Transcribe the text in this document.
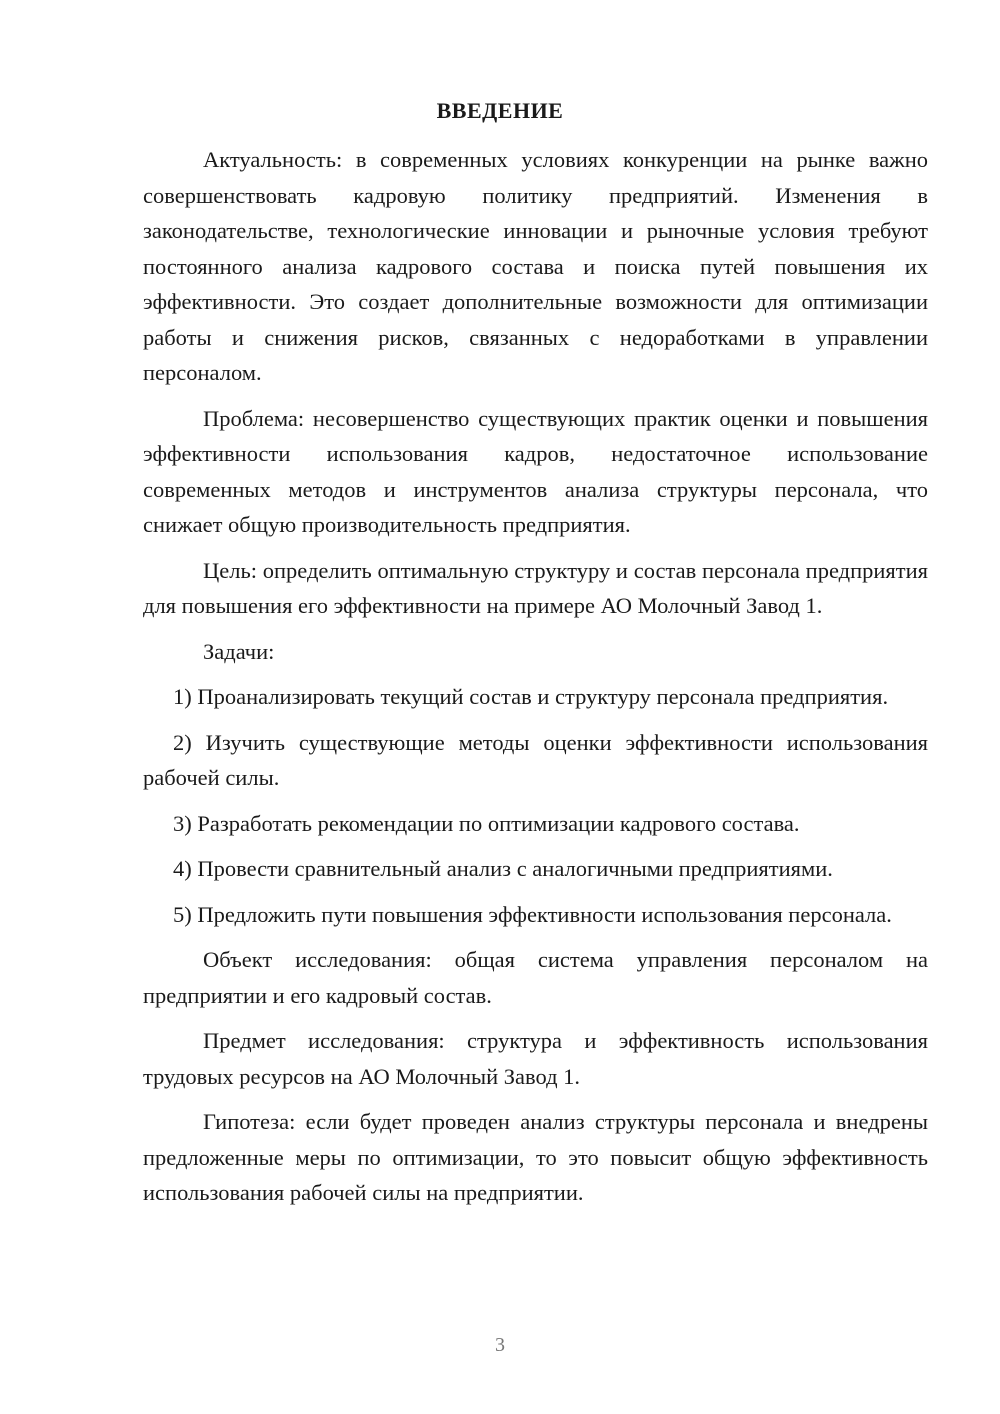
ВВЕДЕНИЕ

Актуальность: в современных условиях конкуренции на рынке важно совершенствовать кадровую политику предприятий. Изменения в законодательстве, технологические инновации и рыночные условия требуют постоянного анализа кадрового состава и поиска путей повышения их эффективности. Это создает дополнительные возможности для оптимизации работы и снижения рисков, связанных с недоработками в управлении персоналом.

Проблема: несовершенство существующих практик оценки и повышения эффективности использования кадров, недостаточное использование современных методов и инструментов анализа структуры персонала, что снижает общую производительность предприятия.

Цель: определить оптимальную структуру и состав персонала предприятия для повышения его эффективности на примере АО Молочный Завод 1.

Задачи:

1) Проанализировать текущий состав и структуру персонала предприятия.

2) Изучить существующие методы оценки эффективности использования рабочей силы.

3) Разработать рекомендации по оптимизации кадрового состава.

4) Провести сравнительный анализ с аналогичными предприятиями.

5) Предложить пути повышения эффективности использования персонала.

Объект исследования: общая система управления персоналом на предприятии и его кадровый состав.

Предмет исследования: структура и эффективность использования трудовых ресурсов на АО Молочный Завод 1.

Гипотеза: если будет проведен анализ структуры персонала и внедрены предложенные меры по оптимизации, то это повысит общую эффективность использования рабочей силы на предприятии.

3
